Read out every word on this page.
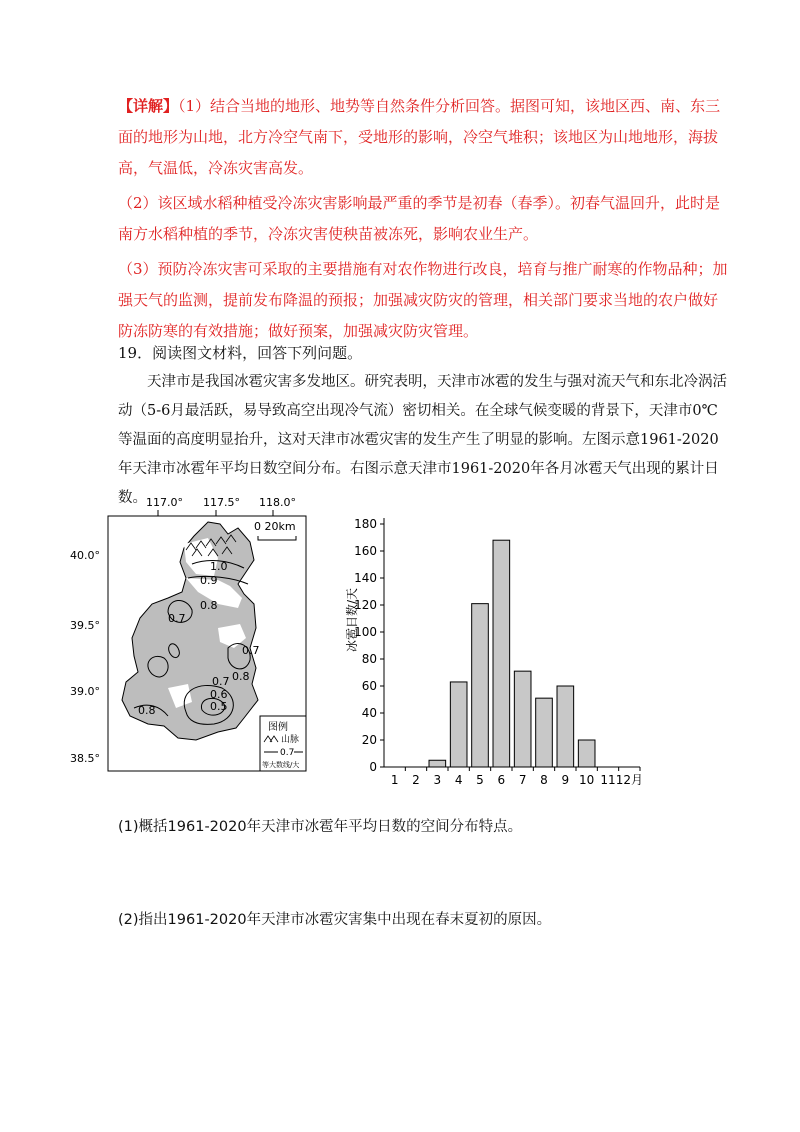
【详解】（1）结合当地的地形、地势等自然条件分析回答。据图可知，该地区西、南、东三面的地形为山地，北方冷空气南下，受地形的影响，冷空气堆积；该地区为山地地形，海拔高，气温低，冷冻灾害高发。
（2）该区域水稻种植受冷冻灾害影响最严重的季节是初春（春季）。初春气温回升，此时是南方水稻种植的季节，冷冻灾害使秧苗被冻死，影响农业生产。
（3）预防冷冻灾害可采取的主要措施有对农作物进行改良，培育与推广耐寒的作物品种；加强天气的监测，提前发布降温的预报；加强减灾防灾的管理，相关部门要求当地的农户做好防冻防寒的有效措施；做好预案，加强减灾防灾管理。
19．阅读图文材料，回答下列问题。
天津市是我国冰雹灾害多发地区。研究表明，天津市冰雹的发生与强对流天气和东北冷涡活动（5-6月最活跃，易导致高空出现冷气流）密切相关。在全球气候变暖的背景下，天津市0℃等温面的高度明显抬升，这对天津市冰雹灾害的发生产生了明显的影响。左图示意1961-2020年天津市冰雹年平均日数空间分布。右图示意天津市1961-2020年各月冰雹天气出现的累计日数。 117.0° 117.5° 118.0°
40.0°
39.5°
39.0°
38.5°
1.0
0.9
0.8
0.7
0.7
0.7 0.8
0.6
0.5
0.8
0 20km
图例
山脉
0.7
等大数线/大
冰雹日数/天
0
20
40
60
80
100
120
140
160
180
1 2 3 4 5 6 7 8 9 10 11 12月
(1)概括1961-2020年天津市冰雹年平均日数的空间分布特点。
(2)指出1961-2020年天津市冰雹灾害集中出现在春末夏初的原因。
